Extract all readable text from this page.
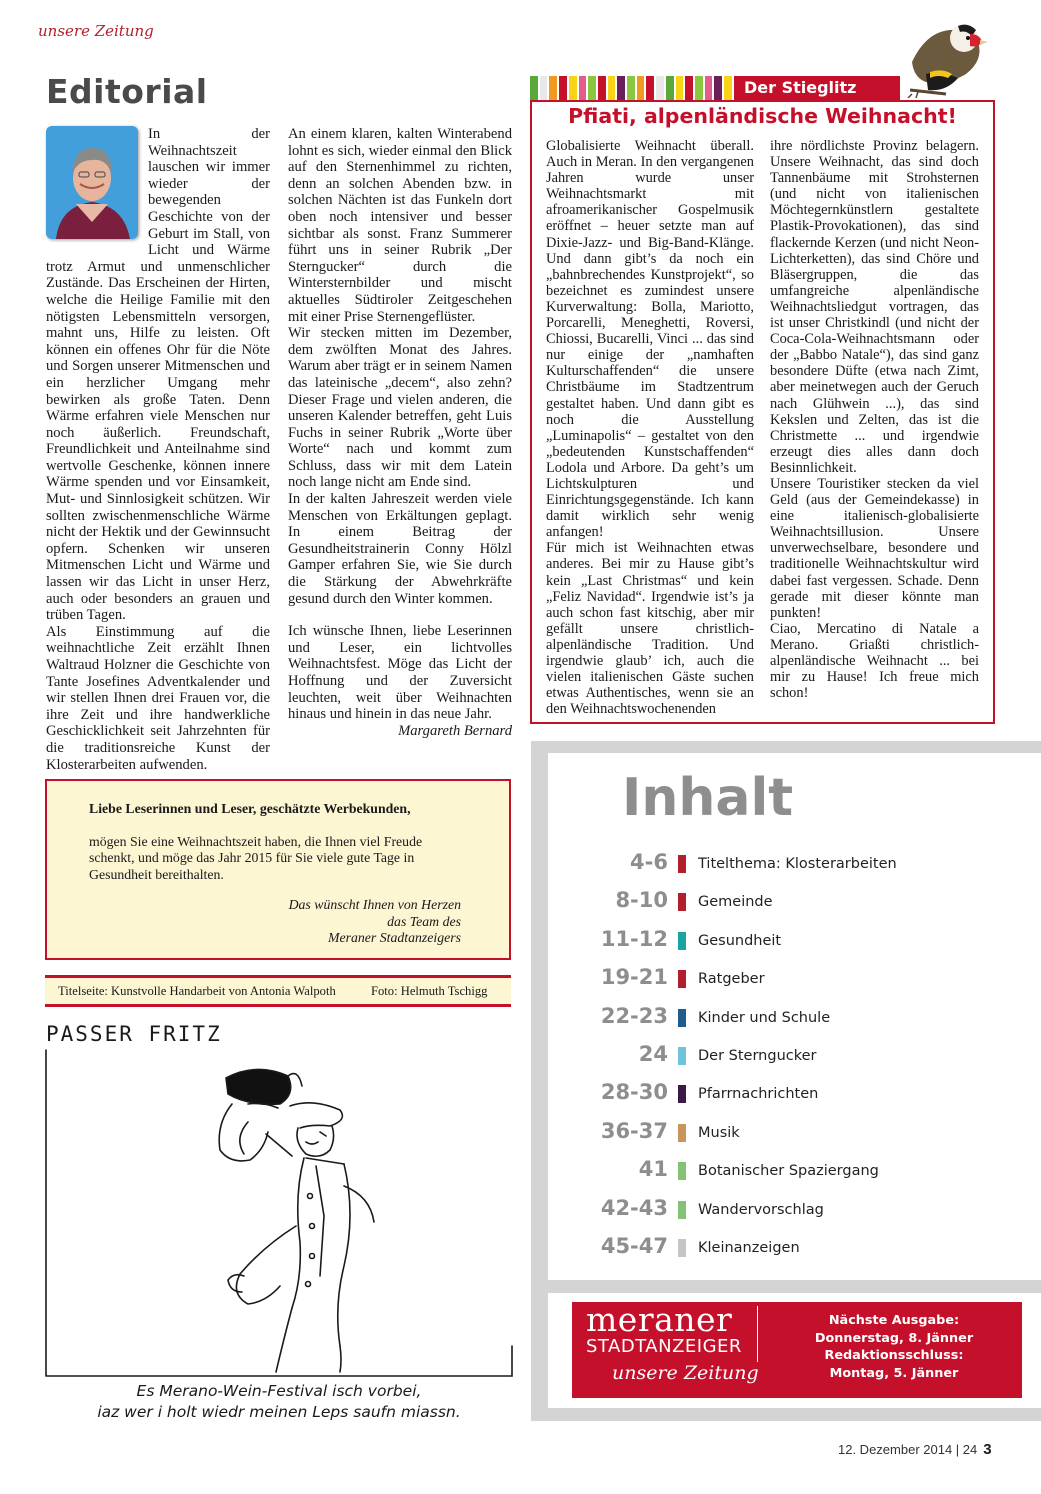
unsere Zeitung
Editorial

In der Weihnachtszeit lauschen wir immer wieder der bewegenden Geschichte von der Geburt im Stall, von Licht und Wärme trotz Armut und unmenschlicher Zustände. Das Erscheinen der Hirten, welche die Heilige Familie mit den nötigsten Lebensmitteln versorgen, mahnt uns, Hilfe zu leisten. Oft können ein offenes Ohr für die Nöte und Sorgen unserer Mitmenschen und ein herzlicher Umgang mehr bewirken als große Taten. Denn Wärme erfahren viele Menschen nur noch äußerlich. Freundschaft, Freundlichkeit und Anteilnahme sind wertvolle Geschenke, können innere Wärme spenden und vor Einsamkeit, Mut- und Sinnlosigkeit schützen. Wir sollten zwischenmenschliche Wärme nicht der Hektik und der Gewinnsucht opfern. Schenken wir unseren Mitmenschen Licht und Wärme und lassen wir das Licht in unser Herz, auch oder besonders an grauen und trüben Tagen.

Als Einstimmung auf die weihnachtliche Zeit erzählt Ihnen Waltraud Holzner die Geschichte von Tante Josefines Adventkalender und wir stellen Ihnen drei Frauen vor, die ihre Zeit und ihre handwerkliche Geschicklichkeit seit Jahrzehnten für die traditionsreiche Kunst der Klosterarbeiten aufwenden.

An einem klaren, kalten Winterabend lohnt es sich, wieder einmal den Blick auf den Sternenhimmel zu richten, denn an solchen Abenden bzw. in solchen Nächten ist das Funkeln dort oben noch intensiver und besser sichtbar als sonst. Franz Summerer führt uns in seiner Rubrik „Der Sterngucker“ durch die Wintersternbilder und mischt aktuelles Südtiroler Zeitgeschehen mit einer Prise Sternengeflüster.

Wir stecken mitten im Dezember, dem zwölften Monat des Jahres. Warum aber trägt er in seinem Namen das lateinische „decem“, also zehn? Dieser Frage und vielen anderen, die unseren Kalender betreffen, geht Luis Fuchs in seiner Rubrik „Worte über Worte“ nach und kommt zum Schluss, dass wir mit dem Latein noch lange nicht am Ende sind.

In der kalten Jahreszeit werden viele Menschen von Erkältungen geplagt. In einem Beitrag der Gesundheitstrainerin Conny Hölzl Gamper erfahren Sie, wie Sie durch die Stärkung der Abwehrkräfte gesund durch den Winter kommen.

Ich wünsche Ihnen, liebe Leserinnen und Leser, ein lichtvolles Weihnachtsfest. Möge das Licht der Hoffnung und der Zuversicht leuchten, weit über Weihnachten hinaus und hinein in das neue Jahr.

Margareth Bernard

Der Stieglitz
Pfiati, alpenländische Weihnacht!

Globalisierte Weihnacht überall. Auch in Meran. In den vergangenen Jahren wurde unser Weihnachtsmarkt mit afroamerikanischer Gospelmusik eröffnet – heuer setzte man auf Dixie-Jazz- und Big-Band-Klänge. Und dann gibt’s da noch ein „bahnbrechendes Kunstprojekt“, so bezeichnet es zumindest unsere Kurverwaltung: Bolla, Mariotto, Porcarelli, Meneghetti, Roversi, Chiossi, Bucarelli, Vinci ... das sind nur einige der „namhaften Kulturschaffenden“ die unsere Christbäume im Stadtzentrum gestaltet haben. Und dann gibt es noch die Ausstellung „Luminapolis“ – gestaltet von den „bedeutenden Kunstschaffenden“ Lodola und Arbore. Da geht’s um Lichtskulpturen und Einrichtungsgegenstände. Ich kann damit wirklich sehr wenig anfangen!

Für mich ist Weihnachten etwas anderes. Bei mir zu Hause gibt’s kein „Last Christmas“ und kein „Feliz Navidad“. Irgendwie ist’s ja auch schon fast kitschig, aber mir gefällt unsere christlich-alpenländische Tradition. Und irgendwie glaub’ ich, auch die vielen italienischen Gäste suchen etwas Authentisches, wenn sie an den Weihnachtswochenenden

ihre nördlichste Provinz belagern. Unsere Weihnacht, das sind doch Tannenbäume mit Strohsternen (und nicht von italienischen Möchtegernkünstlern gestaltete Plastik-Provokationen), das sind flackernde Kerzen (und nicht Neon-Lichterketten), das sind Chöre und Bläsergruppen, die das umfangreiche alpenländische Weihnachtsliedgut vortragen, das ist unser Christkindl (und nicht der Coca-Cola-Weihnachtsmann oder der „Babbo Natale“), das sind ganz besondere Düfte (etwa nach Zimt, aber meinetwegen auch der Geruch nach Glühwein ...), das sind Kekslen und Zelten, das ist die Christmette ... und irgendwie erzeugt dies alles dann doch Besinnlichkeit.

Unsere Touristiker stecken da viel Geld (aus der Gemeindekasse) in eine italienisch-globalisierte Weihnachtsillusion. Unsere unverwechselbare, besondere und traditionelle Weihnachtskultur wird dabei fast vergessen. Schade. Denn gerade mit dieser könnte man punkten!

Ciao, Mercatino di Natale a Merano. Griaßti christlich-alpenländische Weihnacht ... bei mir zu Hause! Ich freue mich schon!

Liebe Leserinnen und Leser, geschätzte Werbekunden,
mögen Sie eine Weihnachtszeit haben, die Ihnen viel Freude schenkt, und möge das Jahr 2015 für Sie viele gute Tage in Gesundheit bereithalten.
Das wünscht Ihnen von Herzen
das Team des
Meraner Stadtanzeigers
Titelseite: Kunstvolle Handarbeit von Antonia Walpoth	Foto: Helmuth Tschigg
PASSER FRITZ
Es Merano-Wein-Festival isch vorbei,
iaz wer i holt wiedr meinen Leps saufn miassn.
Inhalt
4-6 Titelthema: Klosterarbeiten
8-10 Gemeinde
11-12 Gesundheit
19-21 Ratgeber
22-23 Kinder und Schule
24 Der Sterngucker
28-30 Pfarrnachrichten
36-37 Musik
41 Botanischer Spaziergang
42-43 Wandervorschlag
45-47 Kleinanzeigen
meraner
STADTANZEIGER
unsere Zeitung
Nächste Ausgabe:
Donnerstag, 8. Jänner
Redaktionsschluss:
Montag, 5. Jänner
12. Dezember 2014 | 24 3
